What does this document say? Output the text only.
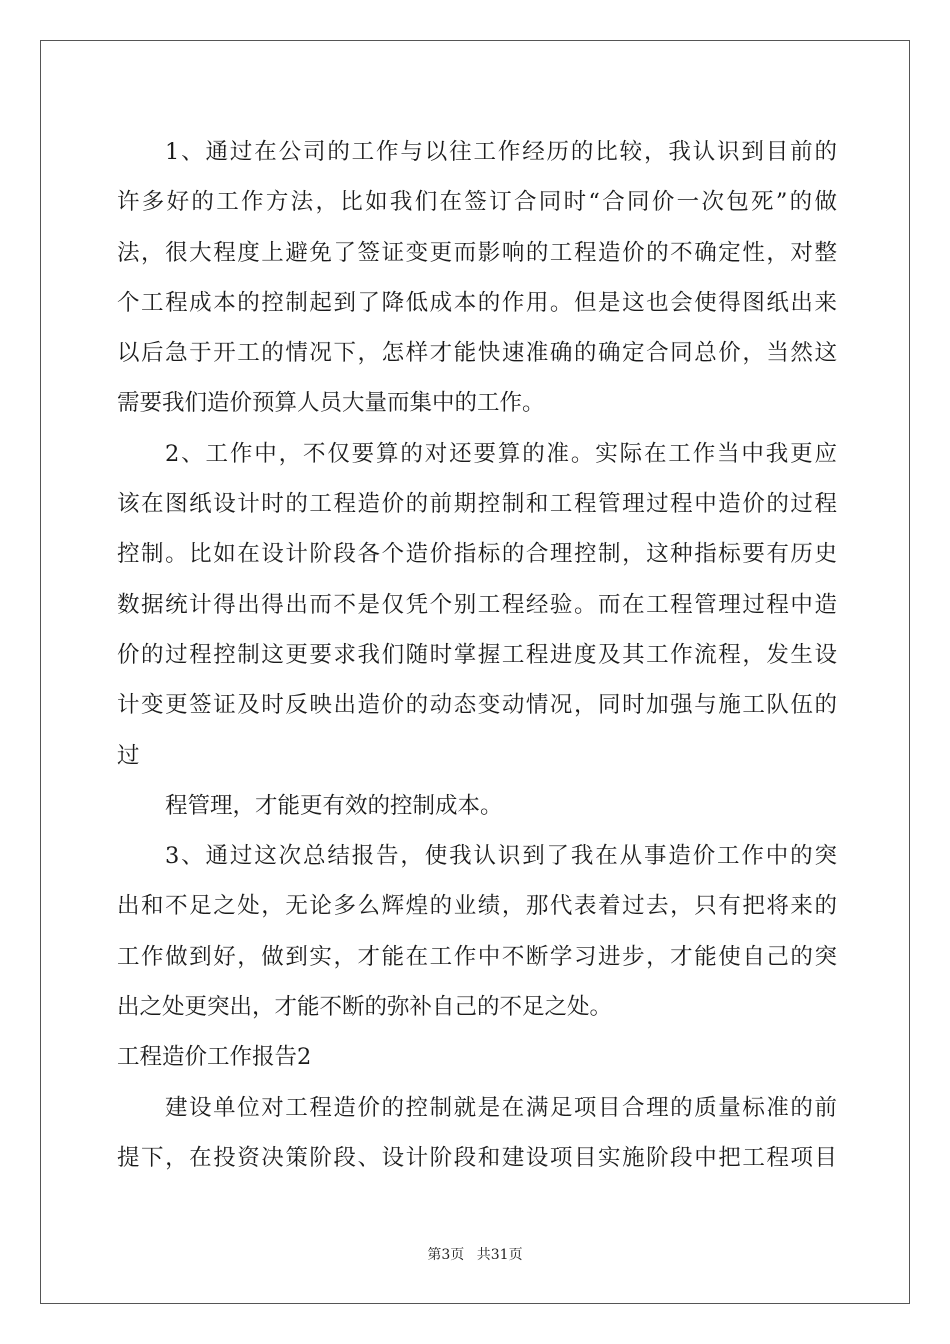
1、通过在公司的工作与以往工作经历的比较，我认识到目前的
许多好的工作方法，比如我们在签订合同时“合同价一次包死”的做
法，很大程度上避免了签证变更而影响的工程造价的不确定性，对整
个工程成本的控制起到了降低成本的作用。但是这也会使得图纸出来
以后急于开工的情况下，怎样才能快速准确的确定合同总价，当然这
需要我们造价预算人员大量而集中的工作。
2、工作中，不仅要算的对还要算的准。实际在工作当中我更应
该在图纸设计时的工程造价的前期控制和工程管理过程中造价的过程
控制。比如在设计阶段各个造价指标的合理控制，这种指标要有历史
数据统计得出得出而不是仅凭个别工程经验。而在工程管理过程中造
价的过程控制这更要求我们随时掌握工程进度及其工作流程，发生设
计变更签证及时反映出造价的动态变动情况，同时加强与施工队伍的
过
程管理，才能更有效的控制成本。
3、通过这次总结报告，使我认识到了我在从事造价工作中的突
出和不足之处，无论多么辉煌的业绩，那代表着过去，只有把将来的
工作做到好，做到实，才能在工作中不断学习进步，才能使自己的突
出之处更突出，才能不断的弥补自己的不足之处。
工程造价工作报告2
建设单位对工程造价的控制就是在满足项目合理的质量标准的前
提下，在投资决策阶段、设计阶段和建设项目实施阶段中把工程项目
第3页 共31页
